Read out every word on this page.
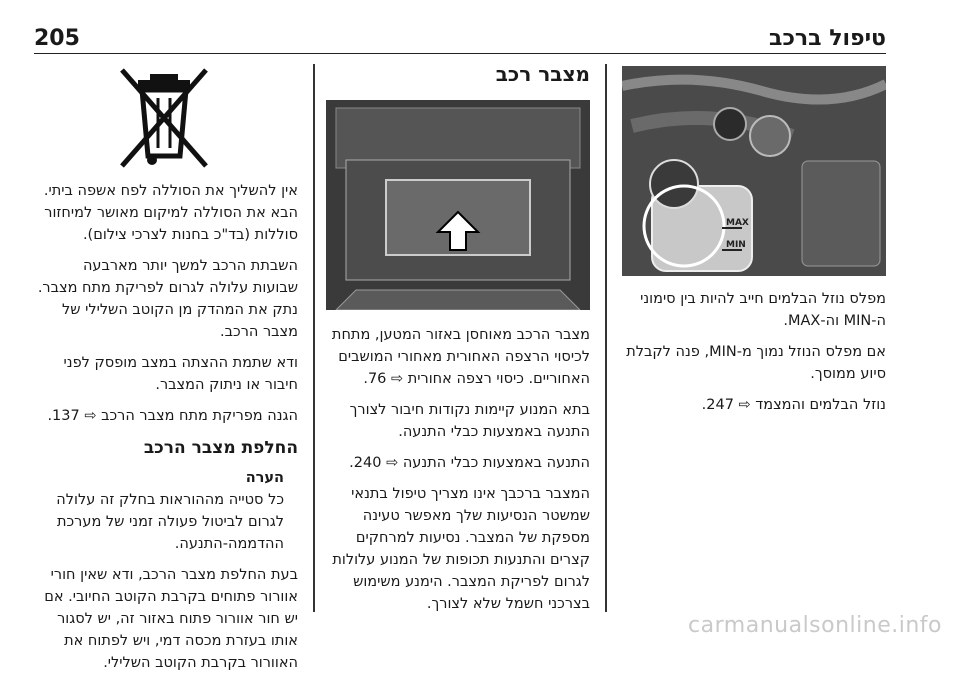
205	טיפול ברכב
MAX
MIN

מפלס נוזל הבלמים חייב להיות בין סימוני ה-MIN וה-MAX.

אם מפלס הנוזל נמוך מ-MIN, פנה לקבלת סיוע ממוסך.

נוזל הבלמים והמצמד ⇨ 247.

מצבר רכב

מצבר הרכב מאוחסן באזור המטען, מתחת לכיסוי הרצפה האחורית מאחורי המושבים האחוריים. כיסוי רצפה אחורית ⇨ 76.

בתא המנוע קיימות נקודות חיבור לצורך התנעה באמצעות כבלי התנעה.

התנעה באמצעות כבלי התנעה ⇨ 240.

המצבר ברכבך אינו מצריך טיפול בתנאי שמשטר הנסיעות שלך מאפשר טעינה מספקת של המצבר. נסיעות למרחקים קצרים והתנעות תכופות של המנוע עלולות לגרום לפריקת המצבר. הימנע משימוש בצרכני חשמל שלא לצורך.

אין להשליך את הסוללה לפח אשפה ביתי. הבא את הסוללה למיקום מאושר למיחזור סוללות (בד"כ בחנות לצרכי צילום).

השבתת הרכב למשך יותר מארבעה שבועות עלולה לגרום לפריקת מתח מצבר. נתק את המהדק מן הקוטב השלילי של מצבר הרכב.

ודא שתמת ההצתה במצב מופסק לפני חיבור או ניתוק המצבר.

הגנה מפריקת מתח מצבר הרכב ⇨ 137.

החלפת מצבר הרכב

הערה

כל סטייה מההוראות בחלק זה עלולה לגרום לביטול פעולה זמני של מערכת ההדממה-התנעה.

בעת החלפת מצבר הרכב, ודא שאין חורי אוורור פתוחים בקרבת הקוטב החיובי. אם יש חור אוורור פתוח באזור זה, יש לסגור אותו בעזרת מכסה דמי, ויש לפתוח את האוורור בקרבת הקוטב השלילי.

carmanualsonline.info
